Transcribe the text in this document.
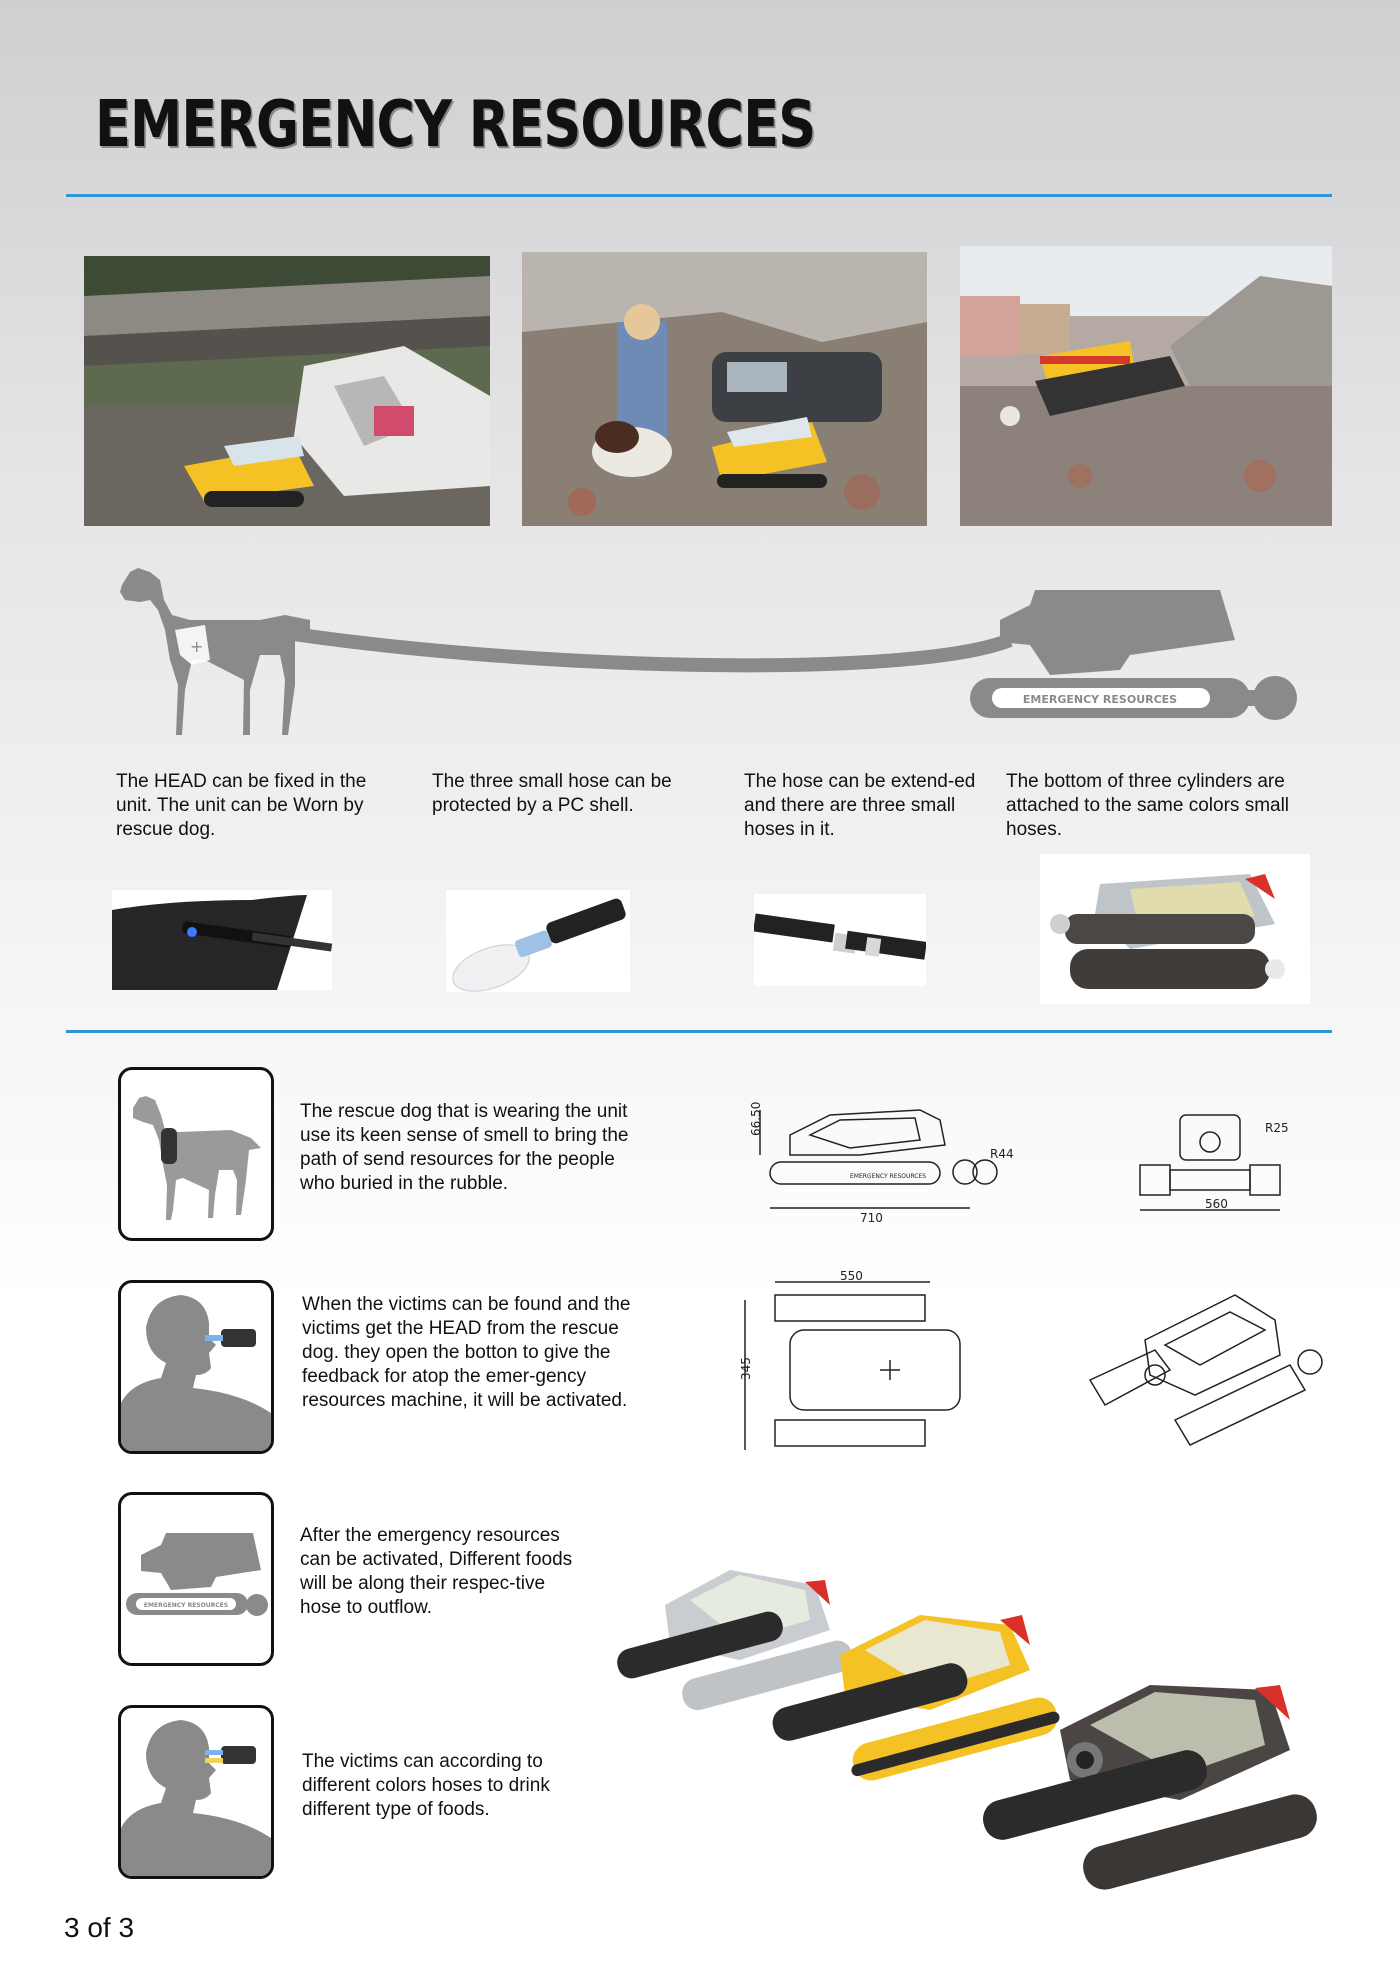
EMERGENCY RESOURCES
+
EMERGENCY RESOURCES
The HEAD can be fixed in the unit. The unit can be Worn by rescue dog.
The three small hose can be protected by a PC shell.
The hose can be extend-ed and there are three small hoses in it.
The bottom of three cylinders are attached to the same colors small hoses.
The rescue dog that is wearing the unit use its keen sense of smell to bring the path of send resources for the people who buried in the rubble.
When the victims can be found and the victims get the HEAD from the rescue dog. they open the botton to give the feedback for atop the emer-gency resources machine, it will be activated.
EMERGENCY RESOURCES
After the emergency resources can be activated, Different foods will be along their respec-tive hose to outflow.
The victims can according to different colors hoses to drink different type of foods.
66.50
710
R44
EMERGENCY RESOURCES
560
R25
550
345
3 of 3
